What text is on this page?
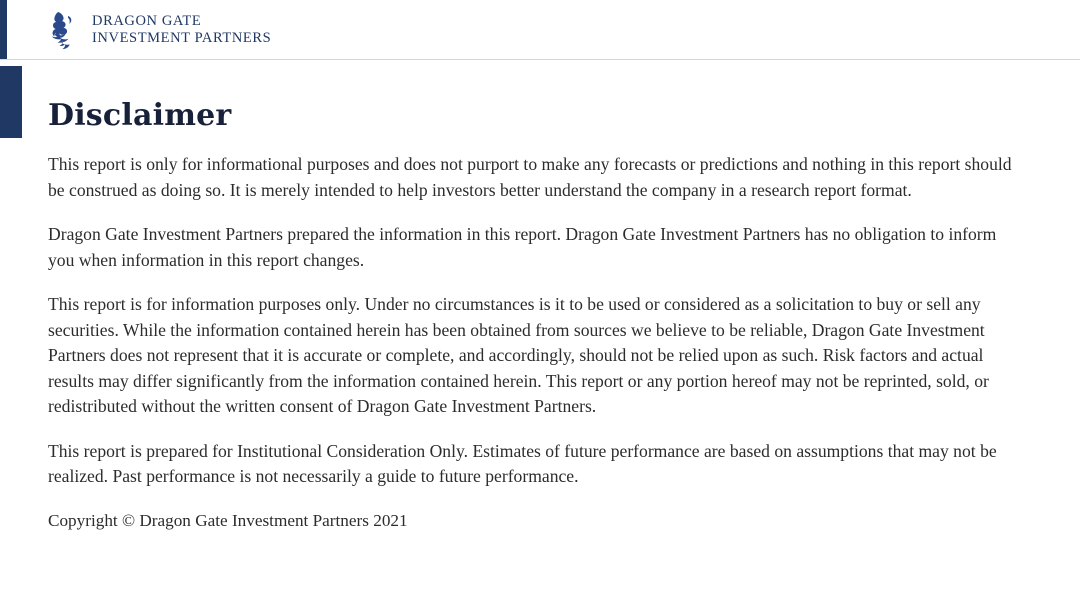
DRAGON GATE
INVESTMENT PARTNERS
Disclaimer

This report is only for informational purposes and does not purport to make any forecasts or predictions and nothing in this report should be construed as doing so. It is merely intended to help investors better understand the company in a research report format.

Dragon Gate Investment Partners prepared the information in this report. Dragon Gate Investment Partners has no obligation to inform you when information in this report changes.

This report is for information purposes only. Under no circumstances is it to be used or considered as a solicitation to buy or sell any securities. While the information contained herein has been obtained from sources we believe to be reliable, Dragon Gate Investment Partners does not represent that it is accurate or complete, and accordingly, should not be relied upon as such. Risk factors and actual results may differ significantly from the information contained herein. This report or any portion hereof may not be reprinted, sold, or redistributed without the written consent of Dragon Gate Investment Partners.

This report is prepared for Institutional Consideration Only. Estimates of future performance are based on assumptions that may not be realized. Past performance is not necessarily a guide to future performance.

Copyright © Dragon Gate Investment Partners 2021
